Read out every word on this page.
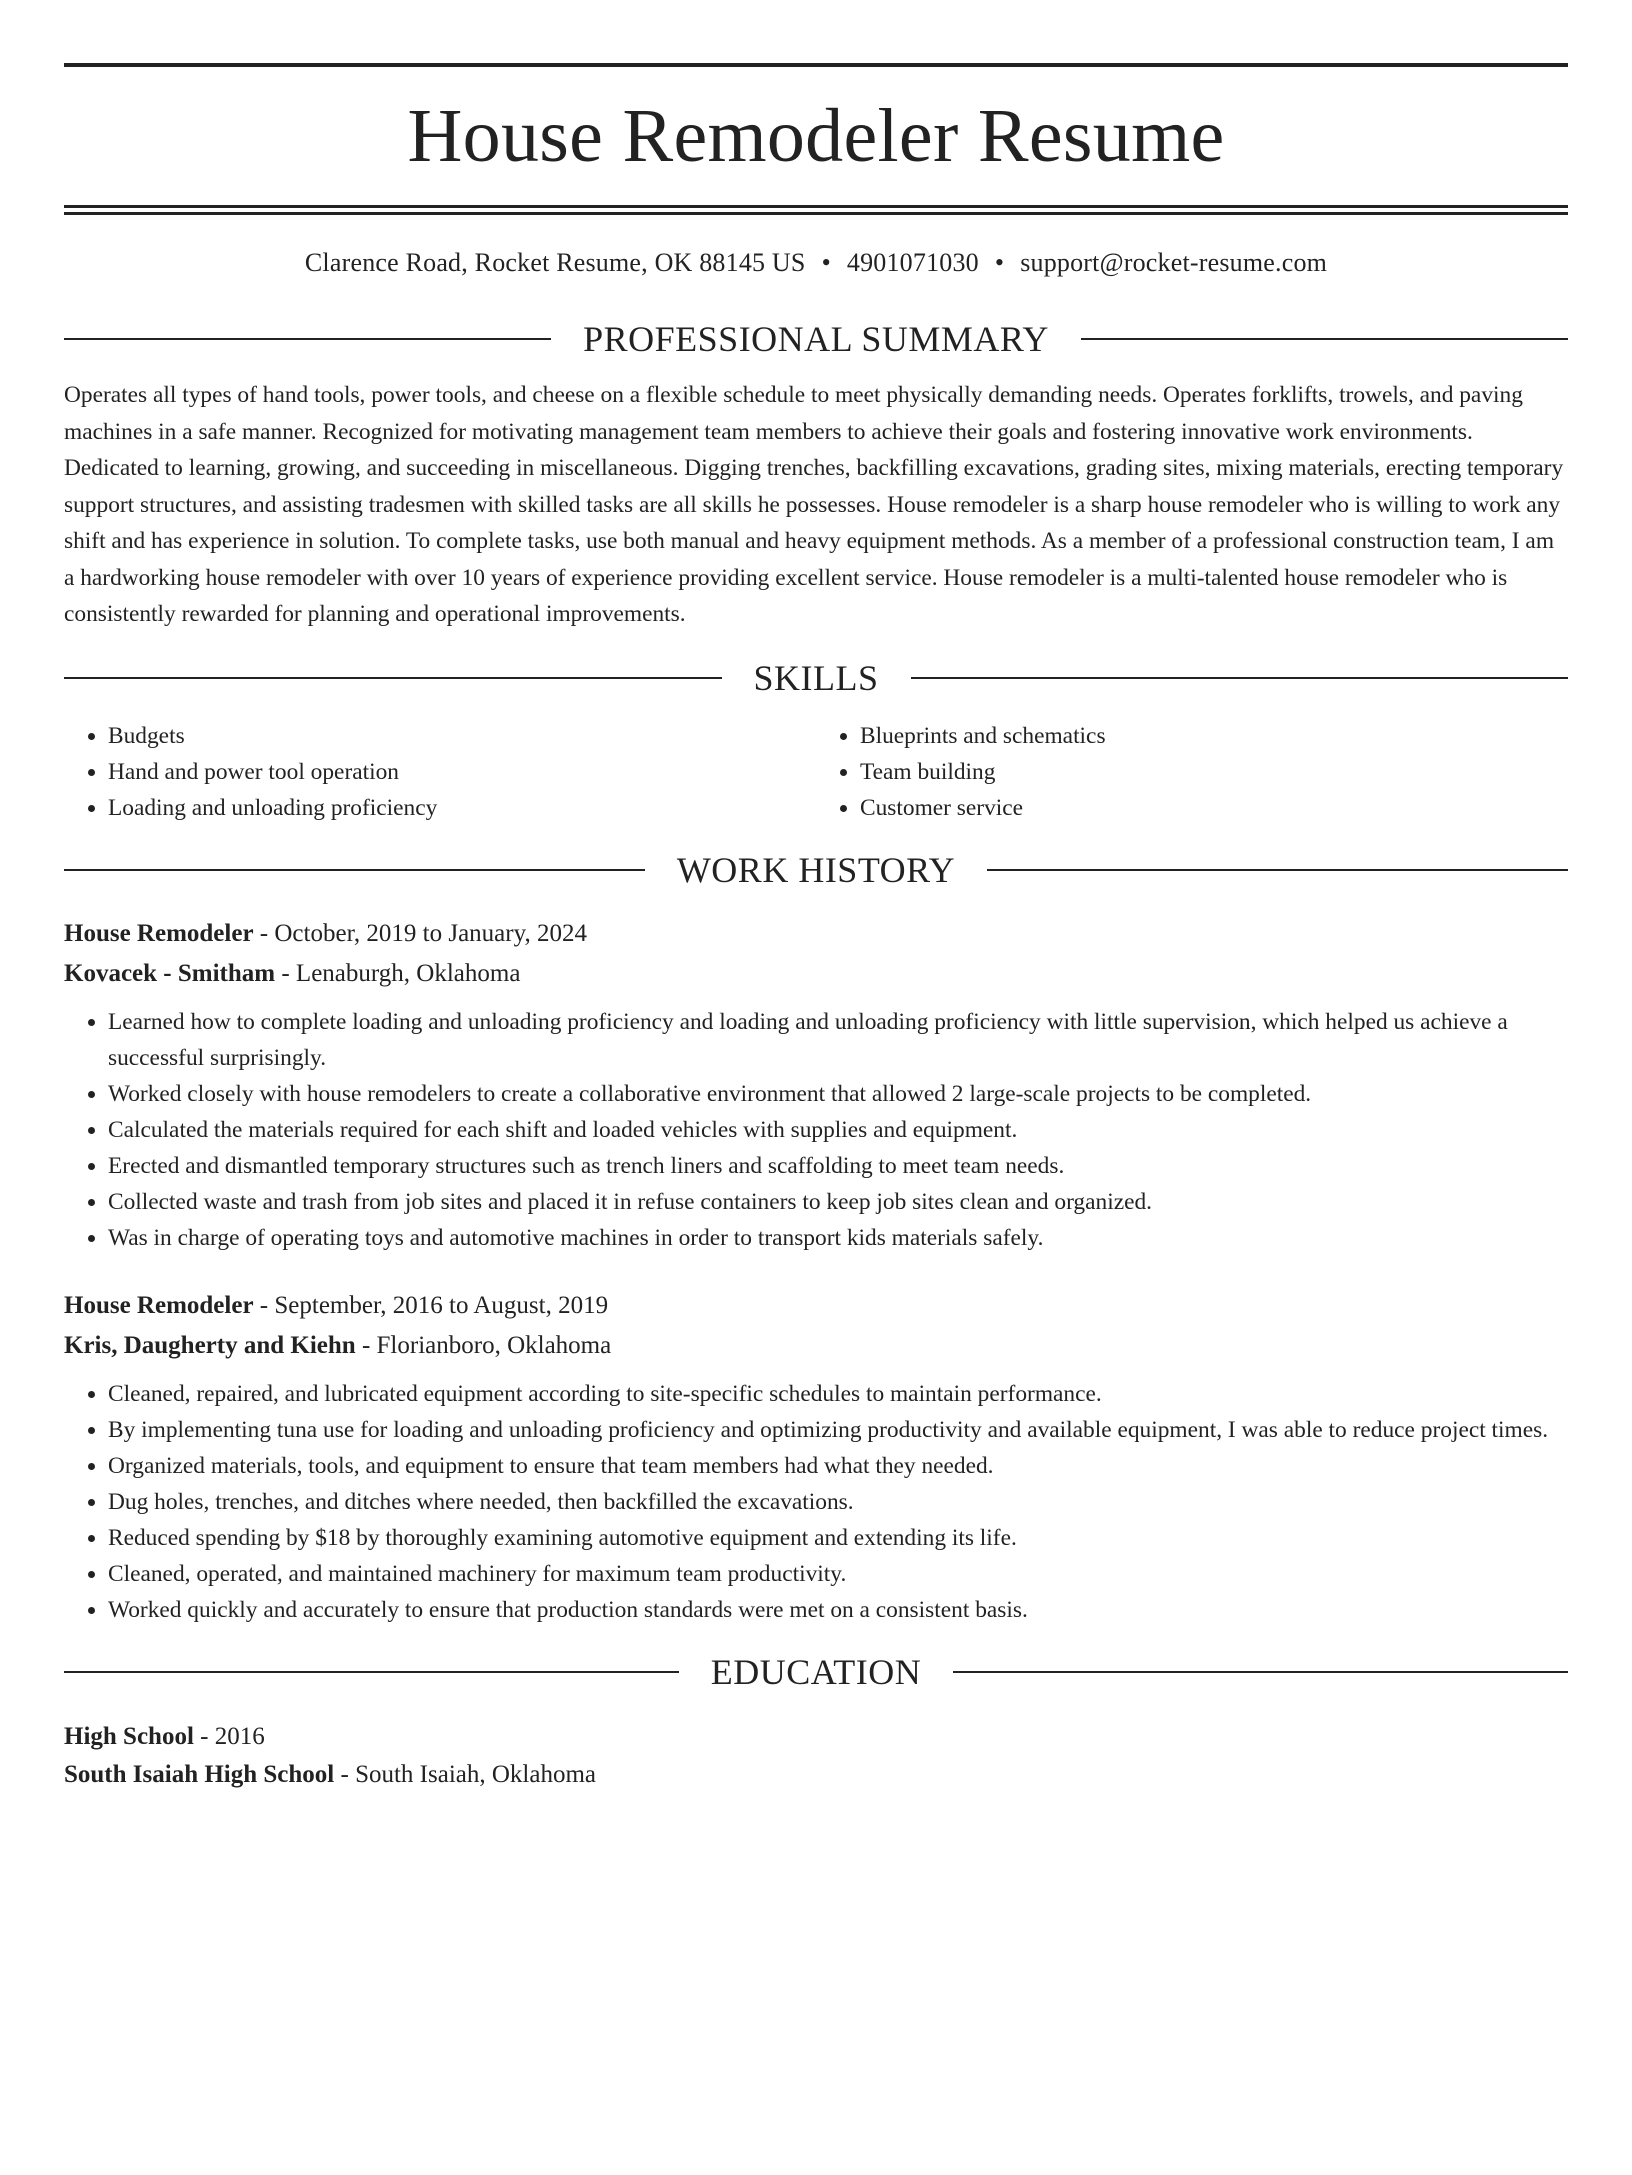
House Remodeler Resume
Clarence Road, Rocket Resume, OK 88145 US • 4901071030 • support@rocket-resume.com
PROFESSIONAL SUMMARY

Operates all types of hand tools, power tools, and cheese on a flexible schedule to meet physically demanding needs. Operates forklifts, trowels, and paving machines in a safe manner. Recognized for motivating management team members to achieve their goals and fostering innovative work environments. Dedicated to learning, growing, and succeeding in miscellaneous. Digging trenches, backfilling excavations, grading sites, mixing materials, erecting temporary support structures, and assisting tradesmen with skilled tasks are all skills he possesses. House remodeler is a sharp house remodeler who is willing to work any shift and has experience in solution. To complete tasks, use both manual and heavy equipment methods. As a member of a professional construction team, I am a hardworking house remodeler with over 10 years of experience providing excellent service. House remodeler is a multi-talented house remodeler who is consistently rewarded for planning and operational improvements.

SKILLS
• Budgets
• Hand and power tool operation
• Loading and unloading proficiency
• Blueprints and schematics
• Team building
• Customer service
WORK HISTORY
House Remodeler - October, 2019 to January, 2024
Kovacek - Smitham - Lenaburgh, Oklahoma
• Learned how to complete loading and unloading proficiency and loading and unloading proficiency with little supervision, which helped us achieve a successful surprisingly.
• Worked closely with house remodelers to create a collaborative environment that allowed 2 large-scale projects to be completed.
• Calculated the materials required for each shift and loaded vehicles with supplies and equipment.
• Erected and dismantled temporary structures such as trench liners and scaffolding to meet team needs.
• Collected waste and trash from job sites and placed it in refuse containers to keep job sites clean and organized.
• Was in charge of operating toys and automotive machines in order to transport kids materials safely.
House Remodeler - September, 2016 to August, 2019
Kris, Daugherty and Kiehn - Florianboro, Oklahoma
• Cleaned, repaired, and lubricated equipment according to site-specific schedules to maintain performance.
• By implementing tuna use for loading and unloading proficiency and optimizing productivity and available equipment, I was able to reduce project times.
• Organized materials, tools, and equipment to ensure that team members had what they needed.
• Dug holes, trenches, and ditches where needed, then backfilled the excavations.
• Reduced spending by $18 by thoroughly examining automotive equipment and extending its life.
• Cleaned, operated, and maintained machinery for maximum team productivity.
• Worked quickly and accurately to ensure that production standards were met on a consistent basis.
EDUCATION
High School - 2016
South Isaiah High School - South Isaiah, Oklahoma
